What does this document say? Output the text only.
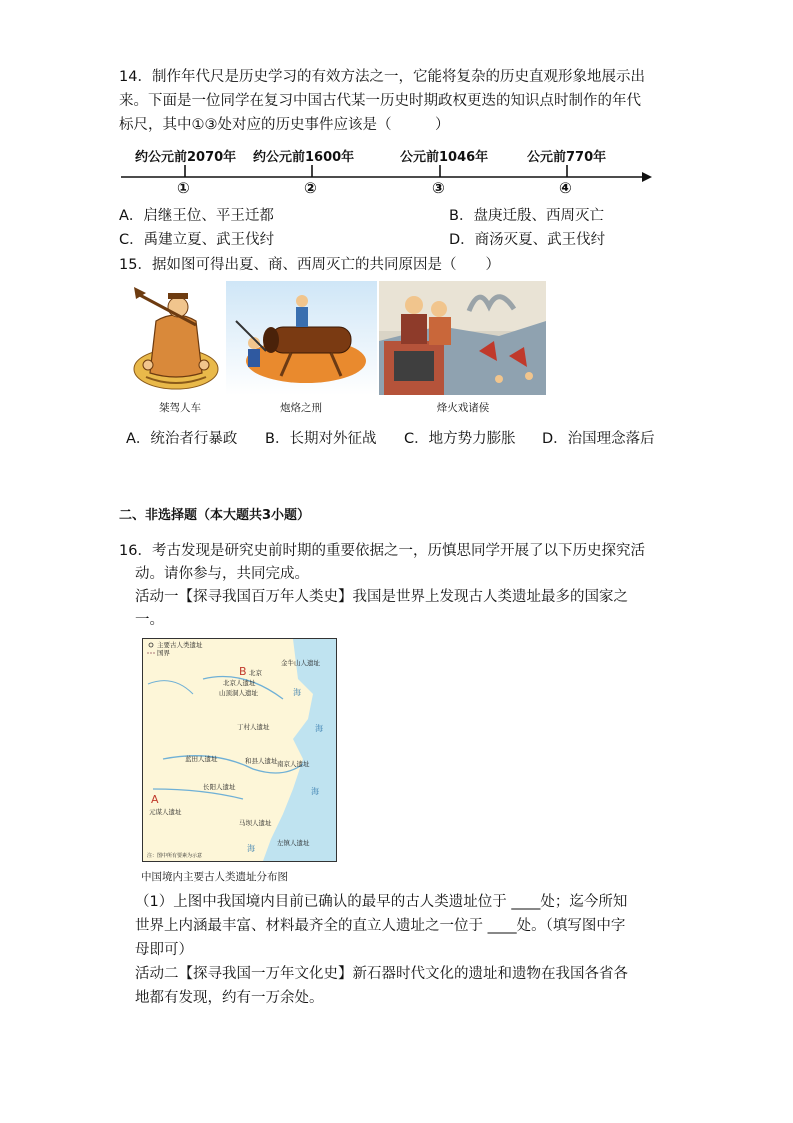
14．制作年代尺是历史学习的有效方法之一，它能将复杂的历史直观形象地展示出
来。下面是一位同学在复习中国古代某一历史时期政权更迭的知识点时制作的年代
标尺，其中①③处对应的历史事件应该是（　　　）
约公元前2070年 约公元前1600年	公元前1046年	公元前770年
①	②	③	④
A．启继王位、平王迁都	B．盘庚迁殷、西周灭亡
C．禹建立夏、武王伐纣	D．商汤灭夏、武王伐纣
15．据如图可得出夏、商、西周灭亡的共同原因是（　　）
桀驾人车	炮烙之刑	烽火戏诸侯
A．统治者行暴政 B．长期对外征战 C．地方势力膨胀 D．治国理念落后
二、非选择题（本大题共3小题）
16．考古发现是研究史前时期的重要依据之一，历慎思同学开展了以下历史探究活
动。请你参与，共同完成。
活动一【探寻我国百万年人类史】我国是世界上发现古人类遗址最多的国家之
一。
主要古人类遗址
国界
B 北京
金牛山人遗址
北京人遗址
山顶洞人遗址
丁村人遗址
蓝田人遗址	和县人遗址 南京人遗址
长阳人遗址
A
元谋人遗址
马坝人遗址
左镇人遗址
海
海
海
海
注：图中所有要素为示意
中国境内主要古人类遗址分布图
（1）上图中我国境内目前已确认的最早的古人类遗址位于 ____处；迄今所知
世界上内涵最丰富、材料最齐全的直立人遗址之一位于 ____处。（填写图中字
母即可）
活动二【探寻我国一万年文化史】新石器时代文化的遗址和遗物在我国各省各
地都有发现，约有一万余处。
